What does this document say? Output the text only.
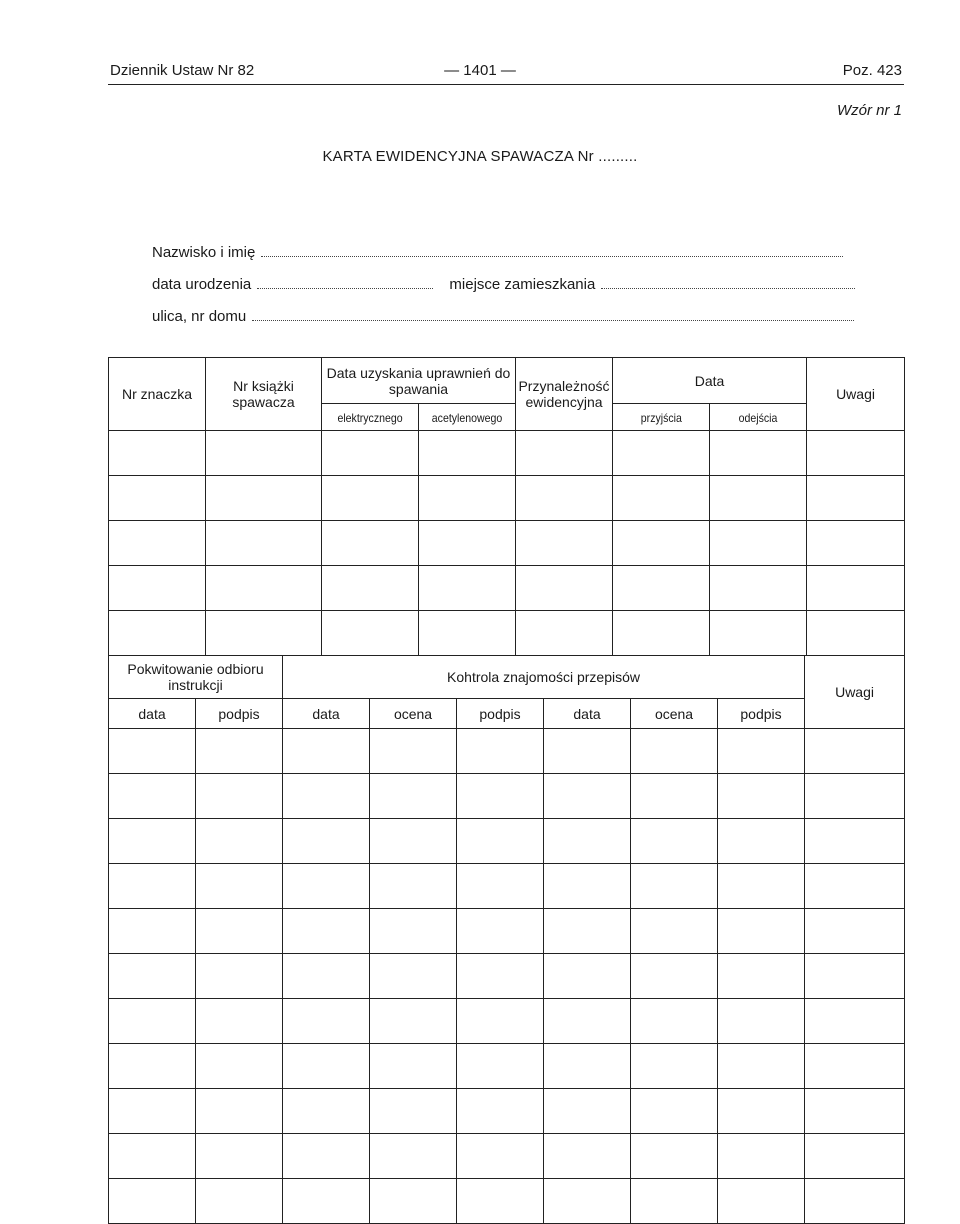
Dziennik Ustaw Nr 82	— 1401 —	Poz. 423
Wzór nr 1
KARTA EWIDENCYJNA SPAWACZA Nr .........
Nazwisko i imię
data urodzenia	miejsce zamieszkania
ulica, nr domu
Nr znaczka	Nr książki spawacza	Data uzyskania uprawnień do spawania		Przynależność ewidencyjna	Data		Uwagi
		elektrycznego	acetylenowego		przyjścia	odejścia	

Pokwitowanie odbioru instrukcji		Kohtrola znajomości przepisów						Uwagi
data	podpis	data	ocena	podpis	data	ocena	podpis	
